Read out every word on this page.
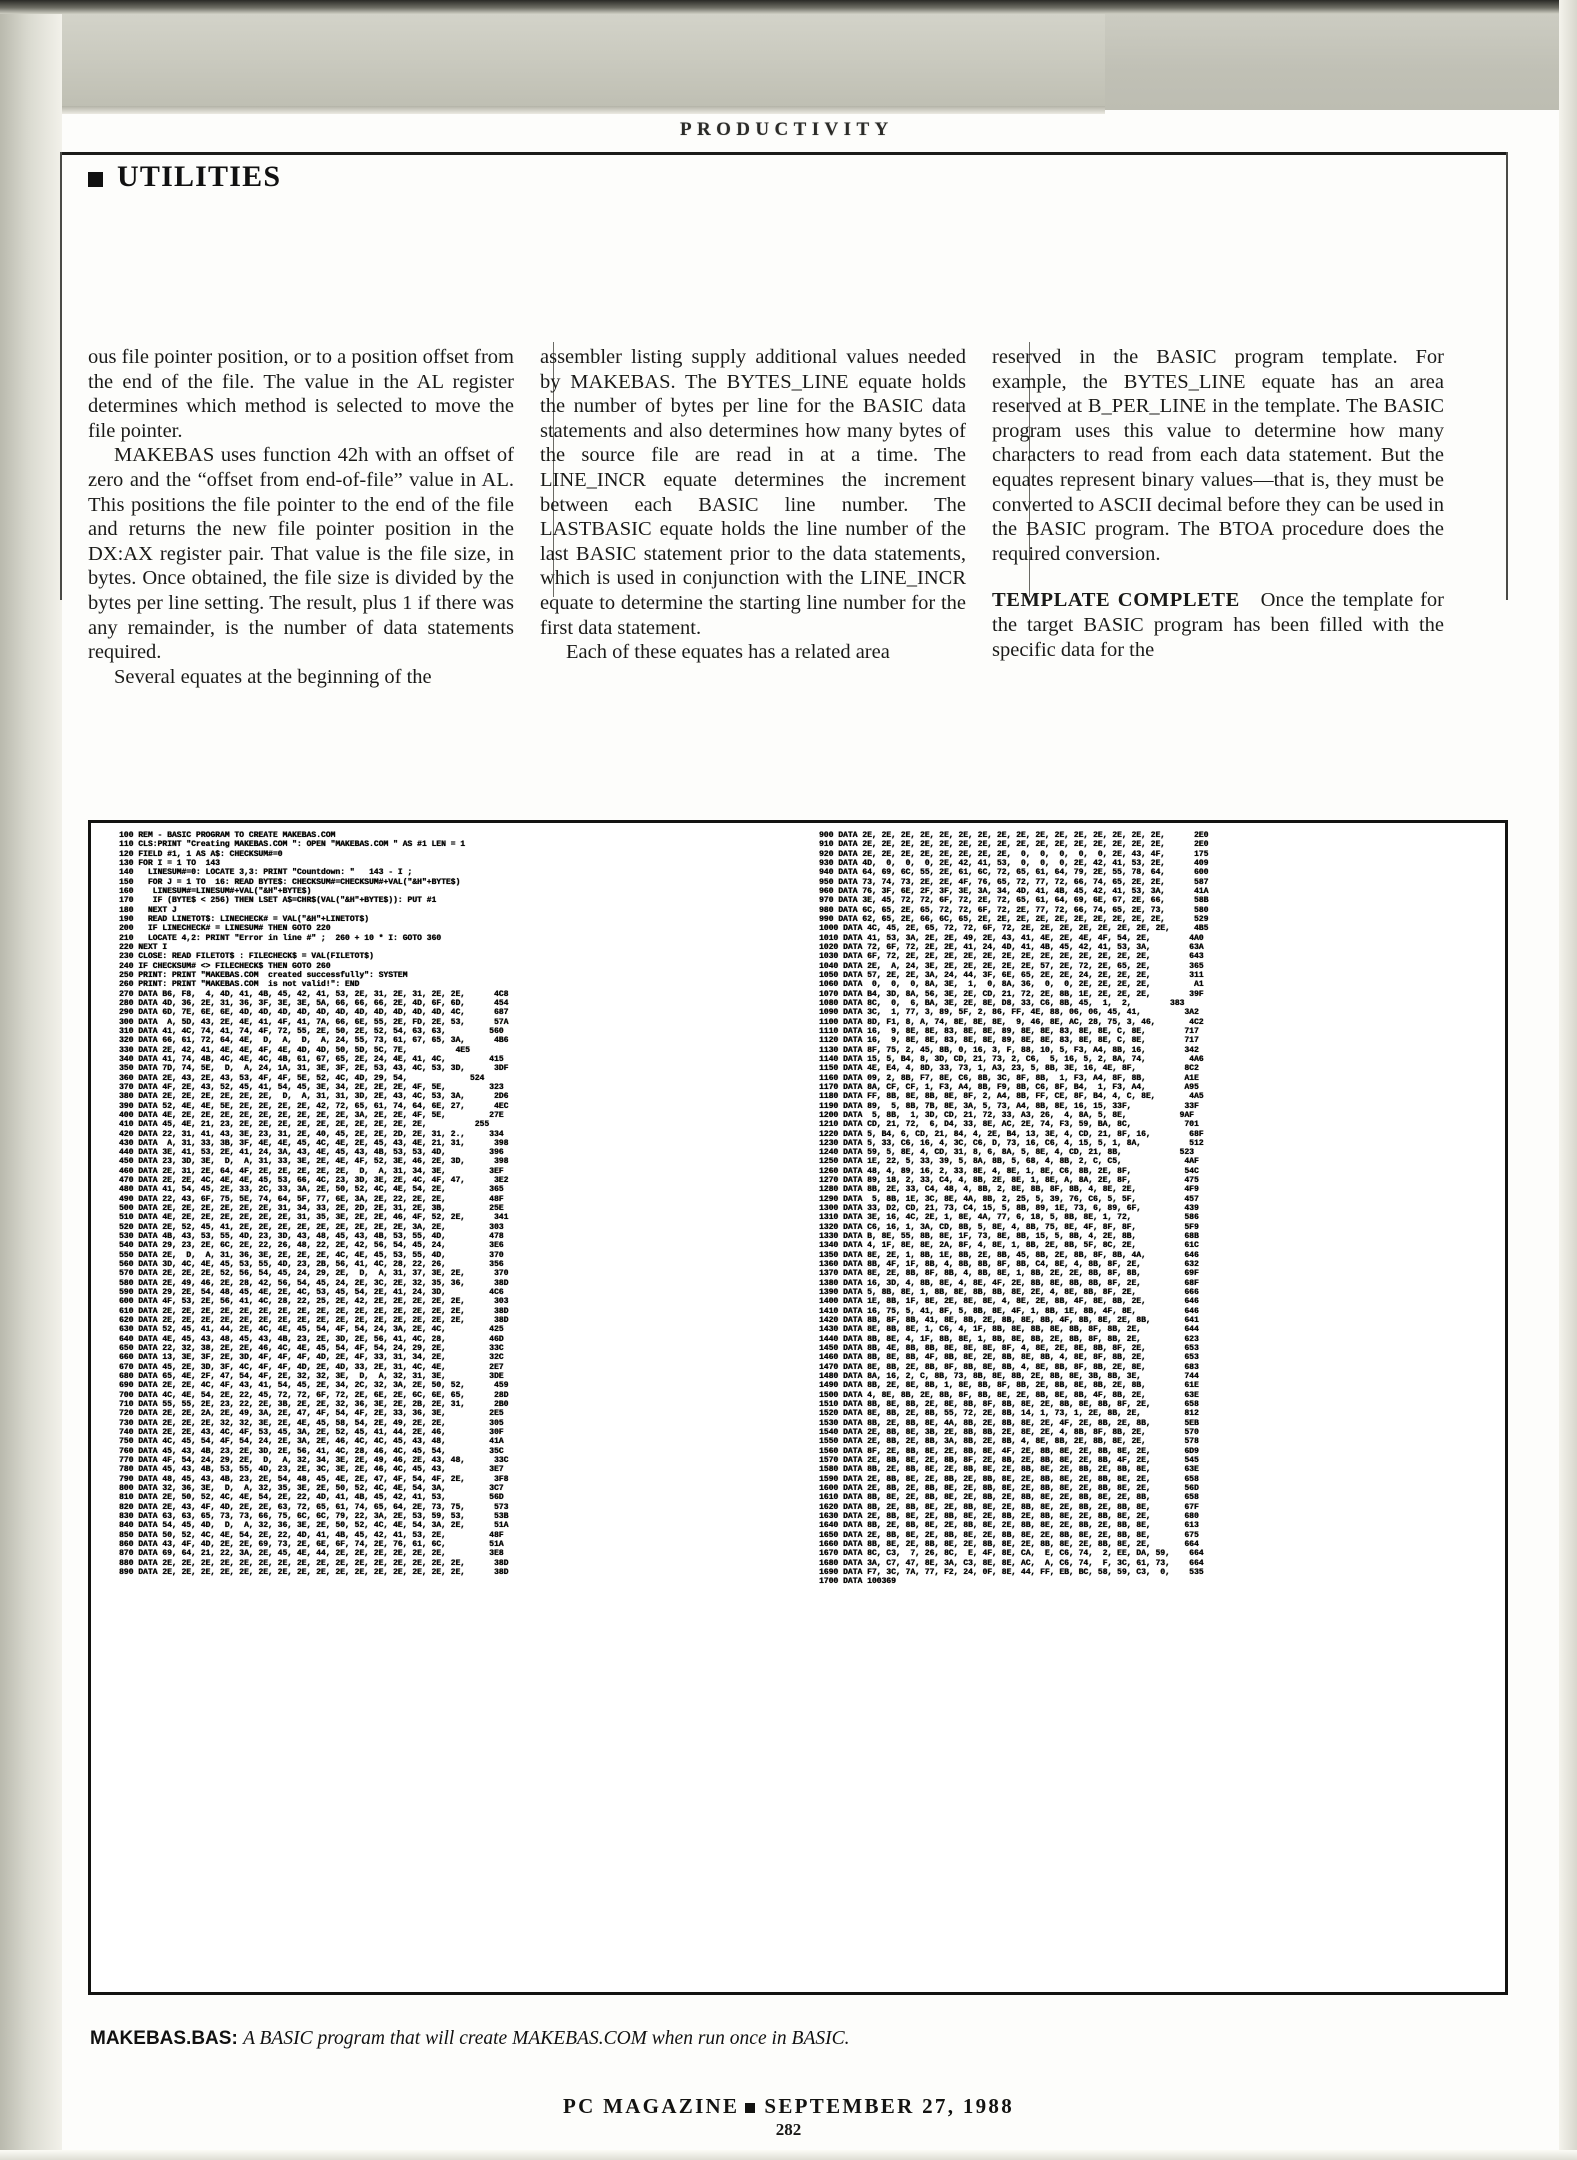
PRODUCTIVITY
UTILITIES

ous file pointer position, or to a position offset from the end of the file. The value in the AL register determines which method is selected to move the file pointer.

MAKEBAS uses function 42h with an offset of zero and the “offset from end-of-file” value in AL. This positions the file pointer to the end of the file and returns the new file pointer position in the DX:AX register pair. That value is the file size, in bytes. Once obtained, the file size is divided by the bytes per line setting. The result, plus 1 if there was any remainder, is the number of data statements required.

Several equates at the beginning of the

assembler listing supply additional values needed by MAKEBAS. The BYTES_LINE equate holds the number of bytes per line for the BASIC data statements and also determines how many bytes of the source file are read in at a time. The LINE_INCR equate determines the increment between each BASIC line number. The LASTBASIC equate holds the line number of the last BASIC statement prior to the data statements, which is used in conjunction with the LINE_INCR equate to determine the starting line number for the first data statement.

Each of these equates has a related area

reserved in the BASIC program template. For example, the BYTES_LINE equate has an area reserved at B_PER_LINE in the template. The BASIC program uses this value to determine how many characters to read from each data statement. But the equates represent binary values—that is, they must be converted to ASCII decimal before they can be used in the BASIC program. The BTOA procedure does the required conversion.

TEMPLATE COMPLETE Once the template for the target BASIC program has been filled with the specific data for the

100 REM - BASIC PROGRAM TO CREATE MAKEBAS.COM
110 CLS:PRINT "Creating MAKEBAS.COM ": OPEN "MAKEBAS.COM " AS #1 LEN = 1
120 FIELD #1, 1 AS A$: CHECKSUM#=0
130 FOR I = 1 TO  143
140   LINESUM#=0: LOCATE 3,3: PRINT "Countdown: "   143 - I ;
150   FOR J = 1 TO  16: READ BYTE$: CHECKSUM#=CHECKSUM#+VAL("&H"+BYTE$)
160    LINESUM#=LINESUM#+VAL("&H"+BYTE$)
170    IF (BYTE$ < 256) THEN LSET A$=CHR$(VAL("&H"+BYTE$)): PUT #1
180   NEXT J
190   READ LINETOT$: LINECHECK# = VAL("&H"+LINETOT$)
200   IF LINECHECK# = LINESUM# THEN GOTO 220
210   LOCATE 4,2: PRINT "Error in line #" ;  260 + 10 * I: GOTO 360
220 NEXT I
230 CLOSE: READ FILETOT$ : FILECHECK$ = VAL(FILETOT$)
240 IF CHECKSUM# <> FILECHECK$ THEN GOTO 260
250 PRINT: PRINT "MAKEBAS.COM  created successfully": SYSTEM
260 PRINT: PRINT "MAKEBAS.COM  is not valid!": END
270 DATA B6, F8,  4, 4D, 41, 4B, 45, 42, 41, 53, 2E, 31, 2E, 31, 2E, 2E,      4C8
280 DATA 4D, 36, 2E, 31, 36, 3F, 3E, 3E, 5A, 66, 66, 66, 2E, 4D, 6F, 6D,      454
290 DATA 6D, 7E, 6E, 6E, 4D, 4D, 4D, 4D, 4D, 4D, 4D, 4D, 4D, 4D, 4D, 4C,      687
300 DATA  A, 5D, 43, 2E, 4E, 41, 4F, 41, 7A, 66, 6E, 55, 2E, FD, 2E, 53,      57A
310 DATA 41, 4C, 74, 41, 74, 4F, 72, 55, 2E, 50, 2E, 52, 54, 63, 63,         560
320 DATA 66, 61, 72, 64, 4E,  D,  A,  D,  A, 24, 55, 73, 61, 67, 65, 3A,      4B6
330 DATA 2E, 42, 41, 4E, 4E, 4F, 4E, 4D, 4D, 50, 5D, 5C, 7E,          4E5
340 DATA 41, 74, 4B, 4C, 4E, 4C, 4B, 61, 67, 65, 2E, 24, 4E, 41, 4C,         415
350 DATA 7D, 74, 5E,  D,  A, 24, 1A, 31, 3E, 3F, 2E, 53, 43, 4C, 53, 3D,      3DF
360 DATA 2E, 43, 2E, 43, 53, 4F, 4F, 5E, 52, 4C, 4D, 29, 54,             524
370 DATA 4F, 2E, 43, 52, 45, 41, 54, 45, 3E, 34, 2E, 2E, 2E, 4F, 5E,         323
380 DATA 2E, 2E, 2E, 2E, 2E, 2E,  D,  A, 31, 31, 3D, 2E, 43, 4C, 53, 3A,      2D6
390 DATA 52, 4E, 4E, 5E, 2E, 2E, 2E, 2E, 42, 72, 65, 61, 74, 64, 6E, 27,      4EC
400 DATA 4E, 2E, 2E, 2E, 2E, 2E, 2E, 2E, 2E, 2E, 3A, 2E, 2E, 4F, 5E,         27E
410 DATA 45, 4E, 21, 23, 2E, 2E, 2E, 2E, 2E, 2E, 2E, 2E, 2E, 2E,          255
420 DATA 22, 31, 41, 43, 3E, 23, 31, 2E, 40, 45, 2E, 2E, 2D, 2E, 31, 2.,     334
430 DATA  A, 31, 33, 3B, 3F, 4E, 4E, 45, 4C, 4E, 2E, 45, 43, 4E, 21, 31,      398
440 DATA 3E, 41, 53, 2E, 41, 24, 3A, 43, 4E, 45, 43, 4B, 53, 53, 4D,         396
450 DATA 23, 3D, 3E,  D,  A, 31, 33, 3E, 2E, 4E, 4F, 52, 3E, 46, 2E, 3D,      398
460 DATA 2E, 31, 2E, 64, 4F, 2E, 2E, 2E, 2E, 2E,  D,  A, 31, 34, 3E,         3EF
470 DATA 2E, 2E, 4C, 4E, 4E, 45, 53, 66, 4C, 23, 3D, 3E, 2E, 4C, 4F, 47,      3E2
480 DATA 41, 54, 45, 2E, 33, 2C, 33, 3A, 2E, 50, 52, 4C, 4E, 54, 2E,         365
490 DATA 22, 43, 6F, 75, 5E, 74, 64, 5F, 77, 6E, 3A, 2E, 22, 2E, 2E,         48F
500 DATA 2E, 2E, 2E, 2E, 2E, 2E, 31, 34, 33, 2E, 2D, 2E, 31, 2E, 3B,         25E
510 DATA 4E, 2E, 2E, 2E, 2E, 2E, 2E, 31, 35, 3E, 2E, 2E, 46, 4F, 52, 2E,      341
520 DATA 2E, 52, 45, 41, 2E, 2E, 2E, 2E, 2E, 2E, 2E, 2E, 2E, 3A, 2E,         303
530 DATA 4B, 43, 53, 55, 4D, 23, 3D, 43, 48, 45, 43, 4B, 53, 55, 4D,         478
540 DATA 29, 23, 2E, 6C, 2E, 22, 26, 48, 22, 2E, 42, 56, 54, 45, 24,         3E6
550 DATA 2E,  D,  A, 31, 36, 3E, 2E, 2E, 2E, 4C, 4E, 45, 53, 55, 4D,         370
560 DATA 3D, 4C, 4E, 45, 53, 55, 4D, 23, 2B, 56, 41, 4C, 28, 22, 26,         356
570 DATA 2E, 2E, 2E, 52, 56, 54, 45, 24, 29, 2E,  D,  A, 31, 37, 3E, 2E,      370
580 DATA 2E, 49, 46, 2E, 28, 42, 56, 54, 45, 24, 2E, 3C, 2E, 32, 35, 36,      38D
590 DATA 29, 2E, 54, 48, 45, 4E, 2E, 4C, 53, 45, 54, 2E, 41, 24, 3D,         4C6
600 DATA 4F, 53, 2E, 56, 41, 4C, 28, 22, 25, 2E, 42, 2E, 2E, 2E, 2E, 2E,      303
610 DATA 2E, 2E, 2E, 2E, 2E, 2E, 2E, 2E, 2E, 2E, 2E, 2E, 2E, 2E, 2E, 2E,      38D
620 DATA 2E, 2E, 2E, 2E, 2E, 2E, 2E, 2E, 2E, 2E, 2E, 2E, 2E, 2E, 2E, 2E,      38D
630 DATA 52, 45, 41, 44, 2E, 4C, 4E, 45, 54, 4F, 54, 24, 3A, 2E, 4C,         425
640 DATA 4E, 45, 43, 48, 45, 43, 4B, 23, 2E, 3D, 2E, 56, 41, 4C, 28,         46D
650 DATA 22, 32, 38, 2E, 2E, 46, 4C, 4E, 45, 54, 4F, 54, 24, 29, 2E,         33C
660 DATA 13, 3E, 3F, 2E, 3D, 4F, 4F, 4F, 4D, 2E, 4F, 33, 31, 34, 2E,         32C
670 DATA 45, 2E, 3D, 3F, 4C, 4F, 4F, 4D, 2E, 4D, 33, 2E, 31, 4C, 4E,         2E7
680 DATA 65, 4E, 2F, 47, 54, 4F, 2E, 32, 32, 3E,  D,  A, 32, 31, 3E,         3DE
690 DATA 2E, 2E, 4C, 4F, 43, 41, 54, 45, 2E, 34, 2C, 32, 3A, 2E, 50, 52,      459
700 DATA 4C, 4E, 54, 2E, 22, 45, 72, 72, 6F, 72, 2E, 6E, 2E, 6C, 6E, 65,      28D
710 DATA 55, 55, 2E, 23, 22, 2E, 3B, 2E, 2E, 32, 36, 3E, 2E, 2B, 2E, 31,      2B0
720 DATA 2E, 2E, 2A, 2E, 49, 3A, 2E, 47, 4F, 54, 4F, 2E, 33, 36, 3E,         2E5
730 DATA 2E, 2E, 2E, 32, 32, 3E, 2E, 4E, 45, 58, 54, 2E, 49, 2E, 2E,         305
740 DATA 2E, 2E, 43, 4C, 4F, 53, 45, 3A, 2E, 52, 45, 41, 44, 2E, 46,         30F
750 DATA 4C, 45, 54, 4F, 54, 24, 2E, 3A, 2E, 46, 4C, 4C, 45, 43, 48,         41A
760 DATA 45, 43, 4B, 23, 2E, 3D, 2E, 56, 41, 4C, 28, 46, 4C, 45, 54,         35C
770 DATA 4F, 54, 24, 29, 2E,  D,  A, 32, 34, 3E, 2E, 49, 46, 2E, 43, 48,      33C
780 DATA 45, 43, 4B, 53, 55, 4D, 23, 2E, 3C, 3E, 2E, 46, 4C, 45, 43,         3E7
790 DATA 48, 45, 43, 4B, 23, 2E, 54, 48, 45, 4E, 2E, 47, 4F, 54, 4F, 2E,      3F8
800 DATA 32, 36, 3E,  D,  A, 32, 35, 3E, 2E, 50, 52, 4C, 4E, 54, 3A,         3C7
810 DATA 2E, 50, 52, 4C, 4E, 54, 2E, 22, 4D, 41, 4B, 45, 42, 41, 53,         56D
820 DATA 2E, 43, 4F, 4D, 2E, 2E, 63, 72, 65, 61, 74, 65, 64, 2E, 73, 75,      573
830 DATA 63, 63, 65, 73, 73, 66, 75, 6C, 6C, 79, 22, 3A, 2E, 53, 59, 53,      53B
840 DATA 54, 45, 4D,  D,  A, 32, 36, 3E, 2E, 50, 52, 4C, 4E, 54, 3A, 2E,      51A
850 DATA 50, 52, 4C, 4E, 54, 2E, 22, 4D, 41, 4B, 45, 42, 41, 53, 2E,         48F
860 DATA 43, 4F, 4D, 2E, 2E, 69, 73, 2E, 6E, 6F, 74, 2E, 76, 61, 6C,         51A
870 DATA 69, 64, 21, 22, 3A, 2E, 45, 4E, 44, 2E, 2E, 2E, 2E, 2E, 2E,         3E8
880 DATA 2E, 2E, 2E, 2E, 2E, 2E, 2E, 2E, 2E, 2E, 2E, 2E, 2E, 2E, 2E, 2E,      38D
890 DATA 2E, 2E, 2E, 2E, 2E, 2E, 2E, 2E, 2E, 2E, 2E, 2E, 2E, 2E, 2E, 2E,      38D
900 DATA 2E, 2E, 2E, 2E, 2E, 2E, 2E, 2E, 2E, 2E, 2E, 2E, 2E, 2E, 2E, 2E,      2E0
910 DATA 2E, 2E, 2E, 2E, 2E, 2E, 2E, 2E, 2E, 2E, 2E, 2E, 2E, 2E, 2E, 2E,      2E0
920 DATA 2E, 2E, 2E, 2E, 2E, 2E, 2E, 2E,  0,  0,  0,  0,  0, 2E, 43, 4F,      175
930 DATA 4D,  0,  0,  0, 2E, 42, 41, 53,  0,  0,  0, 2E, 42, 41, 53, 2E,      409
940 DATA 64, 69, 6C, 55, 2E, 61, 6C, 72, 65, 61, 64, 79, 2E, 55, 78, 64,      600
950 DATA 73, 74, 73, 2E, 2E, 4F, 76, 65, 72, 77, 72, 66, 74, 65, 2E, 2E,      587
960 DATA 76, 3F, 6E, 2F, 3F, 3E, 3A, 34, 4D, 41, 4B, 45, 42, 41, 53, 3A,      41A
970 DATA 3E, 45, 72, 72, 6F, 72, 2E, 72, 65, 61, 64, 69, 6E, 67, 2E, 66,      58B
980 DATA 6C, 65, 2E, 65, 72, 72, 6F, 72, 2E, 77, 72, 66, 74, 65, 2E, 73,      580
990 DATA 62, 65, 2E, 66, 6C, 65, 2E, 2E, 2E, 2E, 2E, 2E, 2E, 2E, 2E, 2E,      529
1000 DATA 4C, 45, 2E, 65, 72, 72, 6F, 72, 2E, 2E, 2E, 2E, 2E, 2E, 2E, 2E,     4B5
1010 DATA 41, 53, 3A, 2E, 2E, 49, 2E, 43, 41, 4E, 2E, 4E, 4F, 54, 2E,        4A0
1020 DATA 72, 6F, 72, 2E, 2E, 41, 24, 4D, 41, 4B, 45, 42, 41, 53, 3A,        63A
1030 DATA 6F, 72, 2E, 2E, 2E, 2E, 2E, 2E, 2E, 2E, 2E, 2E, 2E, 2E, 2E,        643
1040 DATA 2E,  A, 24, 3E, 2E, 2E, 2E, 2E, 2E, 57, 2E, 72, 2E, 65, 2E,        365
1050 DATA 57, 2E, 2E, 3A, 24, 44, 3F, 6E, 65, 2E, 2E, 24, 2E, 2E, 2E,        311
1060 DATA  0,  0,  0, 8A, 3E,  1,  0, 8A, 36,  0,  0, 2E, 2E, 2E, 2E,         A1
1070 DATA B4, 3D, 8A, 56, 3E, 2E, CD, 21, 72, 2E, 8B, 1E, 2E, 2E, 2E,        39F
1080 DATA 8C,  0,  6, BA, 3E, 2E, 8E, D8, 33, C6, 8B, 45,  1,  2,        383
1090 DATA 3C,  1, 77, 3, 89, 5F, 2, 86, FF, 4E, 88, 06, 06, 45, 41,         3A2
1100 DATA 8D, F1, 8, A, 74, 8E, 8E, 8E,  9, 46, 8E, AC, 28, 75, 3, 46,       4C2
1110 DATA 16,  9, 8E, 8E, 83, 8E, 8E, 89, 8E, 8E, 83, 8E, 8E, C, 8E,        717
1120 DATA 16,  9, 8E, 8E, 83, 8E, 8E, 89, 8E, 8E, 83, 8E, 8E, C, 8E,        717
1130 DATA 8F, 75, 2, 45, 8B, 0, 16, 3, F, 88, 10, 5, F3, A4, 8B, 16,        342
1140 DATA 15, 5, B4, 8, 3D, CD, 21, 73, 2, C6,  5, 16, 5, 2, 8A, 74,         4A6
1150 DATA 4E, E4, 4, 8D, 33, 73, 1, A3, 23, 5, 8B, 3E, 16, 4E, 8F,          8C2
1160 DATA 09, 2, 8B, F7, 8E, C6, 8B, 3C, 8F, 8B,  1, F3, A4, 8F, 8B,        A1E
1170 DATA 8A, CF, CF, 1, F3, A4, 8B, F9, 8B, C6, 8F, B4,  1, F3, A4,        A95
1180 DATA FF, 8B, 8E, 8B, 8E, 8F, 2, A4, 8B, FF, CE, 8F, B4, 4, C, 8E,       4A5
1190 DATA 89,  5, 8B, 7B, 8E, 3A, 5, 73, A4, 8B, 8E, 16, 15, 33F,           33F
1200 DATA  5, 8B,  1, 3D, CD, 21, 72, 33, A3, 26,  4, 8A, 5, 8E,           9AF
1210 DATA CD, 21, 72,  6, D4, 33, 8E, AC, 2E, 74, F3, 59, BA, 8C,           701
1220 DATA 5, B4, 6, CD, 21, 84, 4, 2E, B4, 13, 3E, 4, CD, 21, 8F, 16,        68F
1230 DATA 5, 33, C6, 16, 4, 3C, C6, D, 73, 16, C6, 4, 15, 5, 1, 8A,          512
1240 DATA 59, 5, 8E, 4, CD, 31, 8, 6, 8A, 5, 8E, 4, CD, 21, 8B,            523
1250 DATA 1E, 22, 5, 33, 39, 5, 8A, 8B, 5, 68, 4, 8B, 2, C, C5,             4AF
1260 DATA 48, 4, 89, 16, 2, 33, 8E, 4, 8E, 1, 8E, C6, 8B, 2E, 8F,           54C
1270 DATA 89, 18, 2, 33, C4, 4, 8B, 2E, 8E, 1, 8E, A, 8A, 2E, 8F,           475
1280 DATA 8B, 2E, 33, C4, 48, 4, 8B, 2, 8E, 8B, 8F, 8B, 4, 8E, 2E,          4F9
1290 DATA  5, 8B, 1E, 3C, 8E, 4A, 8B, 2, 25, 5, 39, 76, C6, 5, 5F,          457
1300 DATA 33, D2, CD, 21, 73, C4, 15, 5, 8B, 89, 1E, 73, 6, 89, 6F,         439
1310 DATA 3E, 16, 4C, 2E, 1, 8E, 4A, 77, 6, 18, 5, 8B, 8E, 1, 72,           586
1320 DATA C6, 16, 1, 3A, CD, 8B, 5, 8E, 4, 8B, 75, 8E, 4F, 8F, 8F,          5F9
1330 DATA B, 8E, 55, 8B, 8E, 1F, 73, 8E, 8B, 15, 5, 8B, 4, 2E, 8B,          68B
1340 DATA 4, 1F, 8E, 8E, 2A, 8F, 4, 8E, 1, 8B, 2E, 8B, 5F, 8C, 2E,          61C
1350 DATA 8E, 2E, 1, 8B, 1E, 8B, 2E, 8B, 45, 8B, 2E, 8B, 8F, 8B, 4A,        646
1360 DATA 8B, 4F, 1F, 8B, 4, 8B, 8B, 8F, 8B, C4, 8E, 4, 8B, 8F, 2E,         632
1370 DATA 8E, 2E, 8B, 8F, 8B, 4, 8B, 8E, 1, 8B, 2E, 2E, 8B, 8F, 8B,         69F
1380 DATA 16, 3D, 4, 8B, 8E, 4, 8E, 4F, 2E, 8B, 8E, 8B, 8B, 8F, 2E,         68F
1390 DATA 5, 8B, 8E, 1, 8B, 8E, 8B, 8B, 8E, 2E, 4, 8E, 8B, 8F, 2E,          666
1400 DATA 1E, 8B, 1F, 8E, 2E, 8E, 8E, 4, 8E, 2E, 8B, 4F, 8E, 8B, 2E,        646
1410 DATA 16, 75, 5, 41, 8F, 5, 8B, 8E, 4F, 1, 8B, 1E, 8B, 4F, 8E,          646
1420 DATA 8B, 8F, 8B, 41, 8E, 8B, 2E, 8B, 8E, 8B, 4F, 8B, 8E, 2E, 8B,       641
1430 DATA 8E, 8B, 8E, 1, C6, 4, 1F, 8B, 8E, 8B, 8E, 8B, 8F, 8B, 2E,         644
1440 DATA 8B, 8E, 4, 1F, 8B, 8E, 1, 8B, 8E, 8B, 2E, 8B, 8F, 8B, 2E,         623
1450 DATA 8B, 4E, 8B, 8B, 8E, 8E, 8E, 8F, 4, 8E, 2E, 8E, 8B, 8F, 2E,        653
1460 DATA 8B, 8E, 8B, 4F, 8B, 8E, 2E, 8B, 8E, 8B, 4, 8E, 8F, 8B, 2E,        653
1470 DATA 8E, 8B, 2E, 8B, 8F, 8B, 8E, 8B, 4, 8E, 8B, 8F, 8B, 2E, 8E,        683
1480 DATA 8A, 16, 2, C, 8B, 73, 8B, 8E, 8B, 2E, 8B, 8E, 3B, 8B, 3E,         744
1490 DATA 8B, 2E, 8E, 8B, 1, 8E, 8B, 8F, 8B, 2E, 8B, 8E, 8B, 2E, 8B,        61E
1500 DATA 4, 8E, 8B, 2E, 8B, 8F, 8B, 8E, 2E, 8B, 8E, 8B, 4F, 8B, 2E,        63E
1510 DATA 8B, 8E, 8B, 2E, 8E, 8B, 8F, 8B, 8E, 2E, 8B, 8E, 8B, 8F, 2E,       658
1520 DATA 8E, 8B, 2E, 8B, 55, 72, 2E, 8B, 14, 1, 73, 1, 2E, 8B, 2E,         812
1530 DATA 8B, 2E, 8B, 8E, 4A, 8B, 2E, 8B, 8E, 2E, 4F, 2E, 8B, 2E, 8B,       5EB
1540 DATA 2E, 8B, 8E, 3B, 2E, 8B, 8B, 2E, 8E, 2E, 4, 8B, 8F, 8B, 2E,        570
1550 DATA 2E, 8B, 2E, 8B, 3A, 8B, 2E, 8B, 4, 8E, 8B, 2E, 8B, 8E, 2E,        578
1560 DATA 8F, 2E, 8B, 8E, 2E, 8B, 8E, 4F, 2E, 8B, 8E, 2E, 8B, 8E, 2E,       6D9
1570 DATA 2E, 8B, 8E, 2E, 8B, 8F, 2E, 8B, 2E, 8B, 8E, 2E, 8B, 4F, 2E,       545
1580 DATA 8B, 2E, 8B, 8E, 2E, 8B, 8E, 2E, 8B, 8E, 2E, 8B, 2E, 8B, 8E,       63E
1590 DATA 2E, 8B, 8E, 2E, 8B, 2E, 8B, 8E, 2E, 8B, 8E, 2E, 8B, 8E, 2E,       658
1600 DATA 2E, 8B, 2E, 8B, 8E, 2E, 8B, 8E, 2E, 8B, 8E, 2E, 8B, 8E, 2E,       56D
1610 DATA 8B, 8E, 2E, 8B, 8E, 2E, 8B, 2E, 8B, 8E, 2E, 8B, 8E, 2E, 8B,       658
1620 DATA 8B, 2E, 8B, 8E, 2E, 8B, 8E, 2E, 8B, 8E, 2E, 8B, 2E, 8B, 8E,       67F
1630 DATA 2E, 8B, 8E, 2E, 8B, 8E, 2E, 8B, 2E, 8B, 8E, 2E, 8B, 8E, 2E,       680
1640 DATA 8B, 2E, 8B, 8E, 2E, 8B, 8E, 2E, 8B, 8E, 2E, 8B, 2E, 8B, 8E,       613
1650 DATA 2E, 8B, 8E, 2E, 8B, 8E, 2E, 8B, 8E, 2E, 8B, 8E, 2E, 8B, 8E,       675
1660 DATA 8B, 8E, 2E, 8B, 8E, 2E, 8B, 8E, 2E, 8B, 8E, 2E, 8B, 8E, 2E,       664
1670 DATA 8C, C3,  7, 26, 8C,  E, 4F, 8E, CA,  E, C6, 74,  2, EE, DA, 59,    664
1680 DATA 3A, C7, 47, 8E, 3A, C3, 8E, 8E, AC,  A, C6, 74,  F, 3C, 61, 73,    664
1690 DATA F7, 3C, 7A, 77, F2, 24, 0F, 8E, 44, FF, EB, BC, 58, 59, C3,  0,    535
1700 DATA 100369
MAKEBAS.BAS: A BASIC program that will create MAKEBAS.COM when run once in BASIC.
PC MAGAZINE SEPTEMBER 27, 1988
282
